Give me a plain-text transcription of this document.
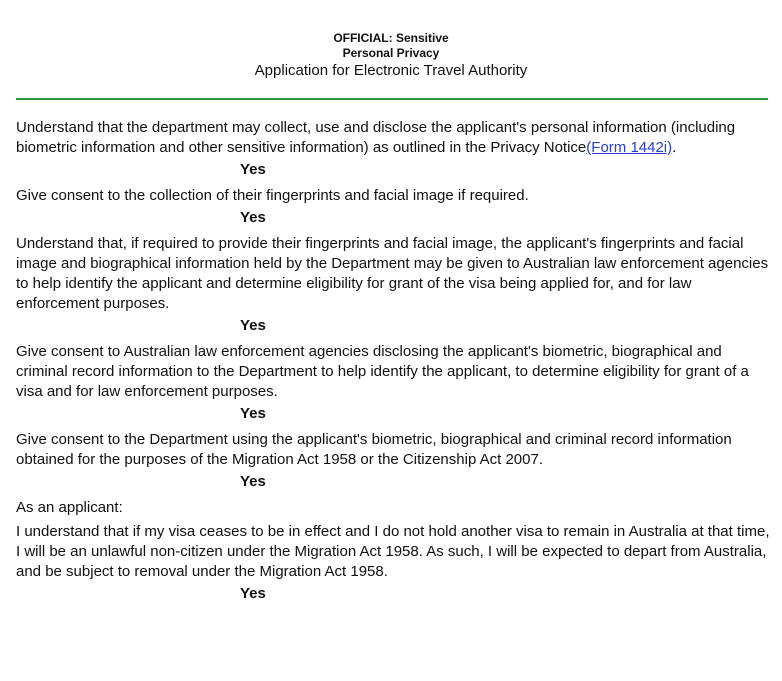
OFFICIAL: Sensitive
Personal Privacy
Application for Electronic Travel Authority

Understand that the department may collect, use and disclose the applicant's personal information (including biometric information and other sensitive information) as outlined in the Privacy Notice(Form 1442i).

Yes

Give consent to the collection of their fingerprints and facial image if required.

Yes

Understand that, if required to provide their fingerprints and facial image, the applicant's fingerprints and facial image and biographical information held by the Department may be given to Australian law enforcement agencies to help identify the applicant and determine eligibility for grant of the visa being applied for, and for law enforcement purposes.

Yes

Give consent to Australian law enforcement agencies disclosing the applicant's biometric, biographical and criminal record information to the Department to help identify the applicant, to determine eligibility for grant of a visa and for law enforcement purposes.

Yes

Give consent to the Department using the applicant's biometric, biographical and criminal record information obtained for the purposes of the Migration Act 1958 or the Citizenship Act 2007.

Yes

As an applicant:

I understand that if my visa ceases to be in effect and I do not hold another visa to remain in Australia at that time, I will be an unlawful non-citizen under the Migration Act 1958. As such, I will be expected to depart from Australia, and be subject to removal under the Migration Act 1958.

Yes
